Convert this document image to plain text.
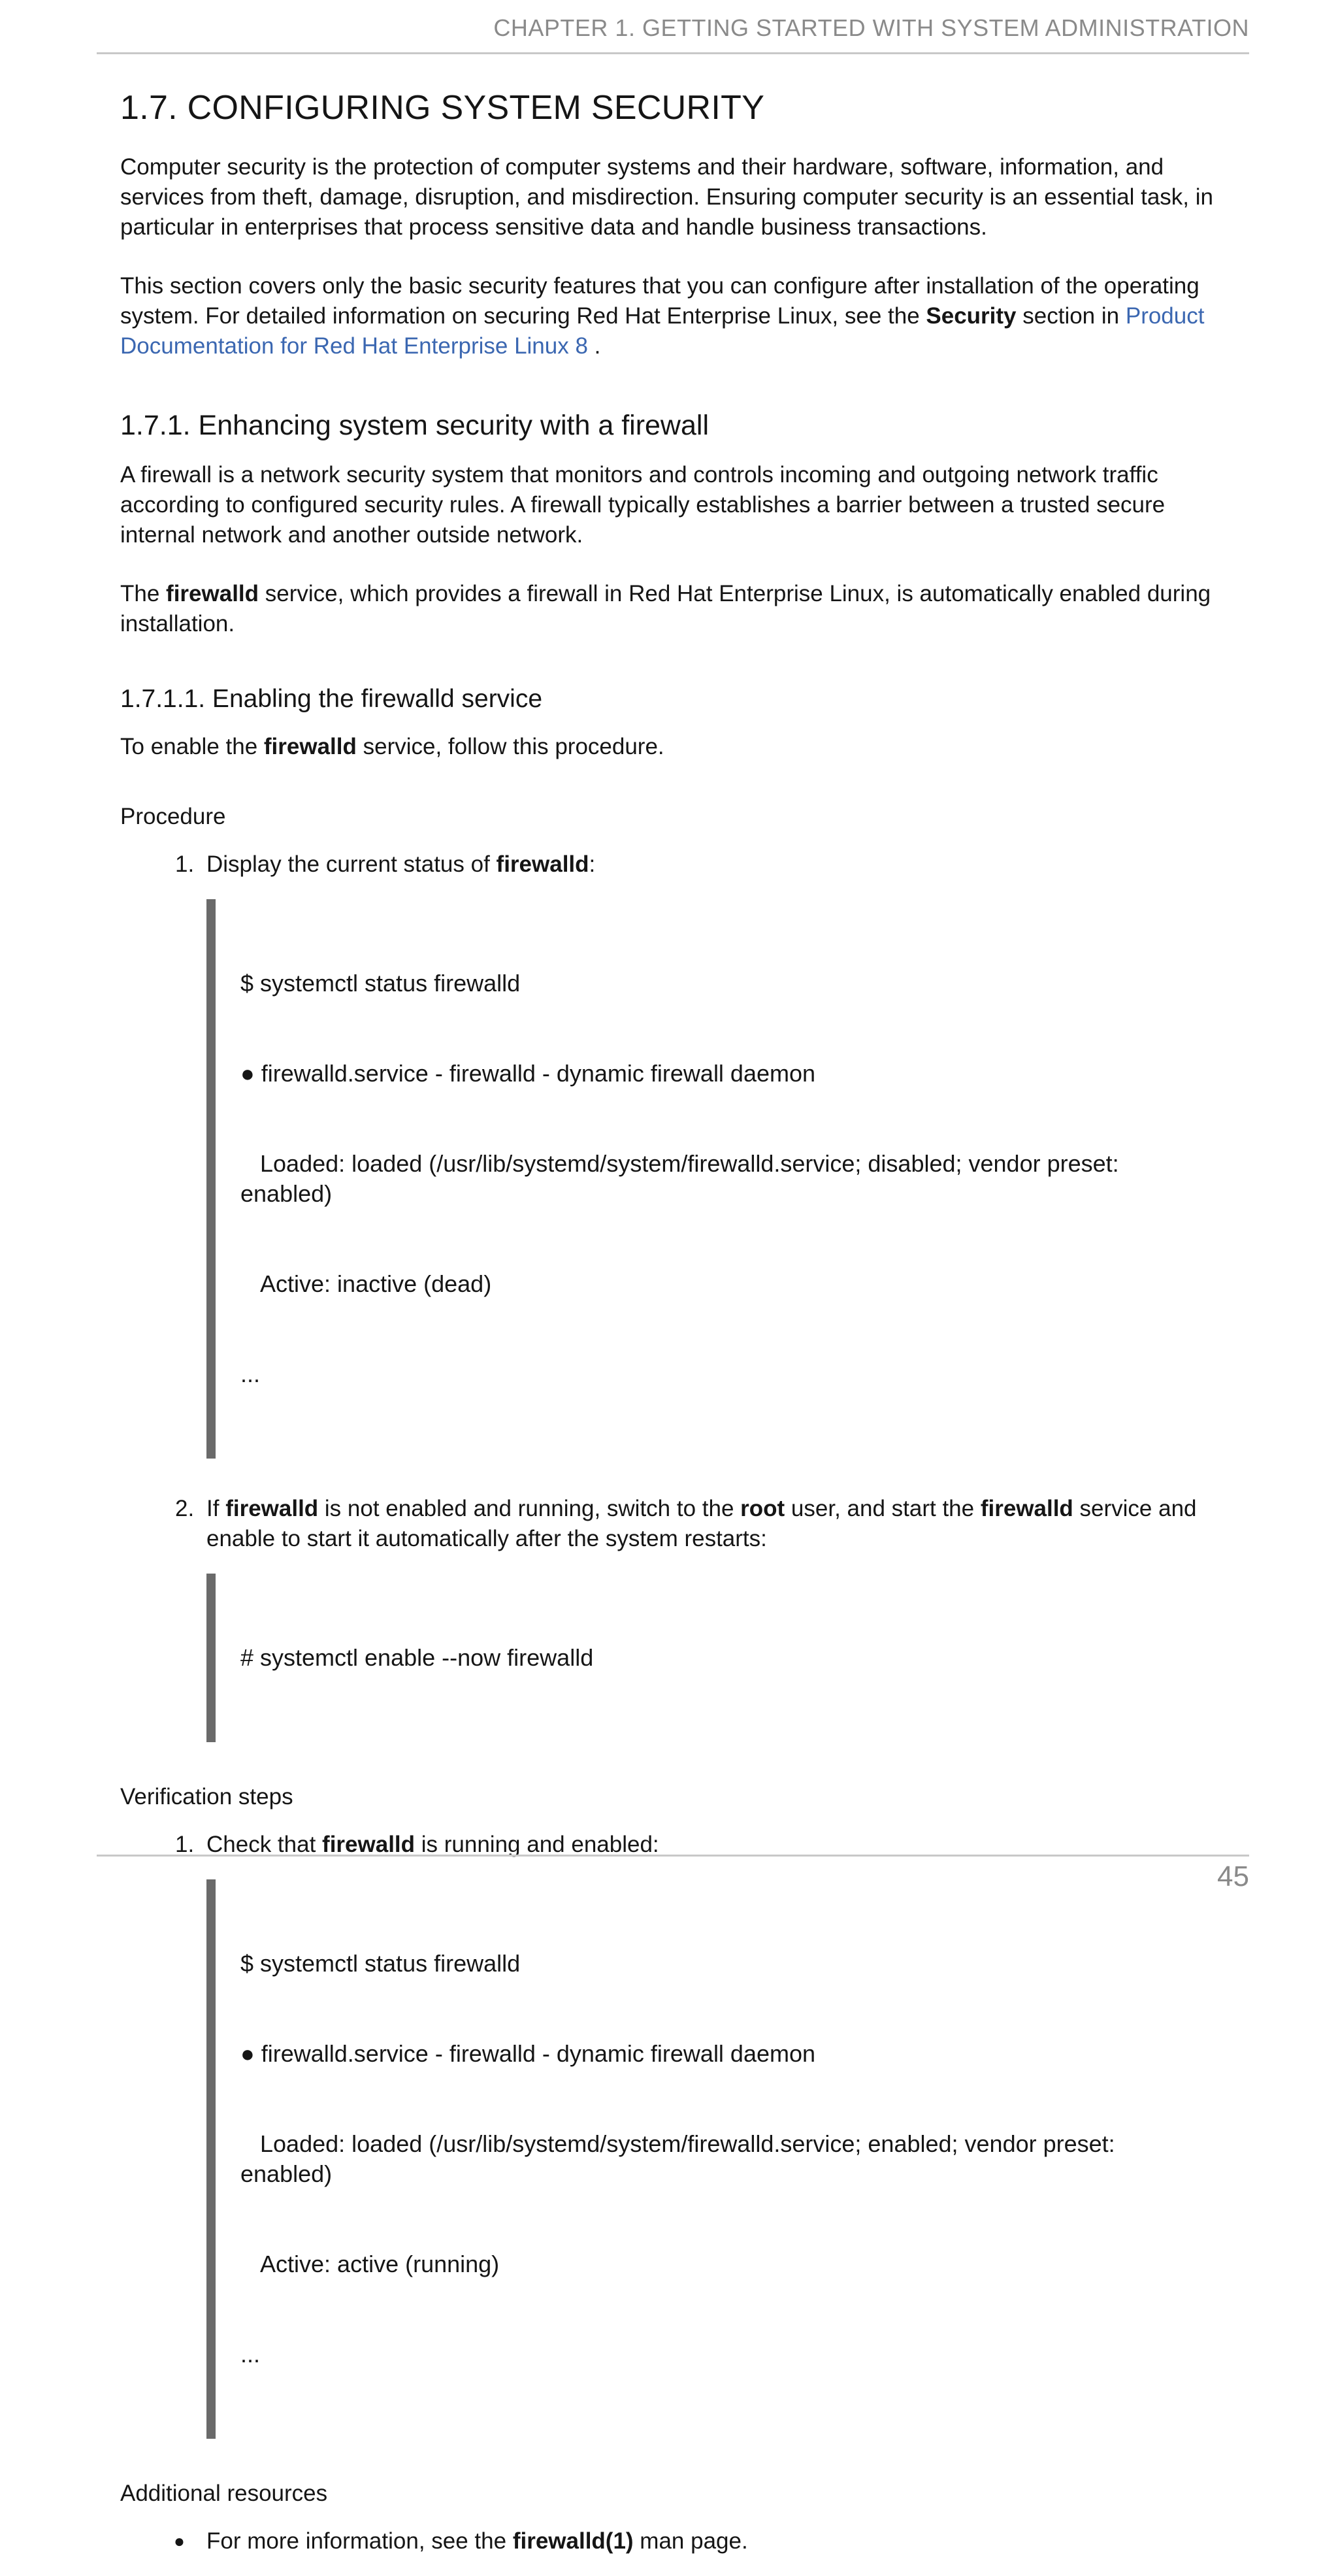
CHAPTER 1. GETTING STARTED WITH SYSTEM ADMINISTRATION
1.7. CONFIGURING SYSTEM SECURITY

Computer security is the protection of computer systems and their hardware, software, information, and services from theft, damage, disruption, and misdirection. Ensuring computer security is an essential task, in particular in enterprises that process sensitive data and handle business transactions.

This section covers only the basic security features that you can configure after installation of the operating system. For detailed information on securing Red Hat Enterprise Linux, see the Security section in Product Documentation for Red Hat Enterprise Linux 8 .

1.7.1. Enhancing system security with a firewall

A firewall is a network security system that monitors and controls incoming and outgoing network traffic according to configured security rules. A firewall typically establishes a barrier between a trusted secure internal network and another outside network.

The firewalld service, which provides a firewall in Red Hat Enterprise Linux, is automatically enabled during installation.

1.7.1.1. Enabling the firewalld service

To enable the firewalld service, follow this procedure.

Procedure
1. Display the current status of firewalld:

$ systemctl status firewalld

● firewalld.service - firewalld - dynamic firewall daemon

Loaded: loaded (/usr/lib/systemd/system/firewalld.service; disabled; vendor preset: enabled)

Active: inactive (dead)

...

2. If firewalld is not enabled and running, switch to the root user, and start the firewalld service and enable to start it automatically after the system restarts:

# systemctl enable --now firewalld

Verification steps
1. Check that firewalld is running and enabled:

$ systemctl status firewalld

● firewalld.service - firewalld - dynamic firewall daemon

Loaded: loaded (/usr/lib/systemd/system/firewalld.service; enabled; vendor preset: enabled)

Active: active (running)

...

Additional resources
● For more information, see the firewalld(1) man page.
45
